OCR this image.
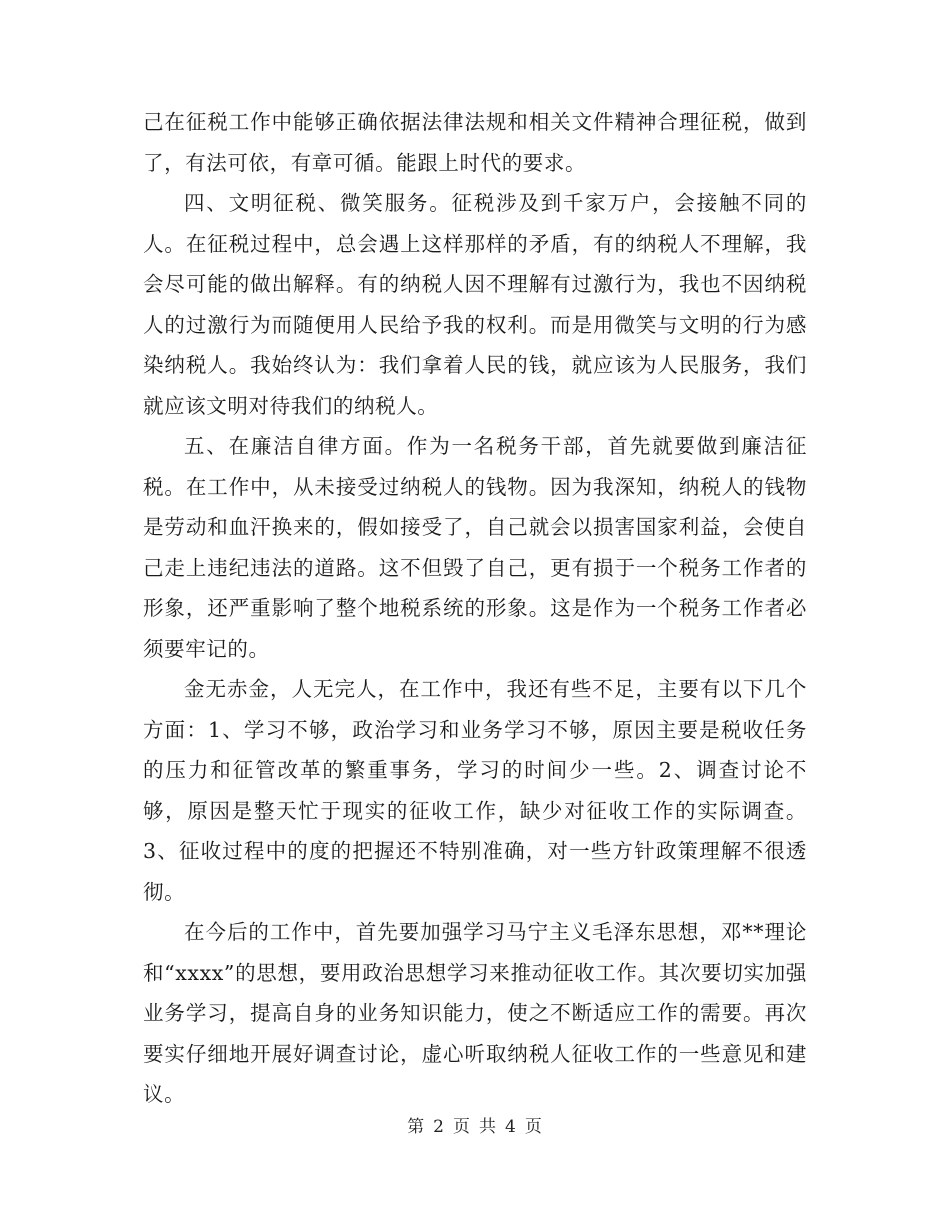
己在征税工作中能够正确依据法律法规和相关文件精神合理征税，做到了，有法可依，有章可循。能跟上时代的要求。

四、文明征税、微笑服务。征税涉及到千家万户，会接触不同的人。在征税过程中，总会遇上这样那样的矛盾，有的纳税人不理解，我会尽可能的做出解释。有的纳税人因不理解有过激行为，我也不因纳税人的过激行为而随便用人民给予我的权利。而是用微笑与文明的行为感染纳税人。我始终认为：我们拿着人民的钱，就应该为人民服务，我们就应该文明对待我们的纳税人。

五、在廉洁自律方面。作为一名税务干部，首先就要做到廉洁征税。在工作中，从未接受过纳税人的钱物。因为我深知，纳税人的钱物是劳动和血汗换来的，假如接受了，自己就会以损害国家利益，会使自己走上违纪违法的道路。这不但毁了自己，更有损于一个税务工作者的形象，还严重影响了整个地税系统的形象。这是作为一个税务工作者必须要牢记的。

金无赤金，人无完人，在工作中，我还有些不足，主要有以下几个方面：1、学习不够，政治学习和业务学习不够，原因主要是税收任务的压力和征管改革的繁重事务，学习的时间少一些。2、调查讨论不够，原因是整天忙于现实的征收工作，缺少对征收工作的实际调查。3、征收过程中的度的把握还不特别准确，对一些方针政策理解不很透彻。

在今后的工作中，首先要加强学习马宁主义毛泽东思想，邓**理论和“xxxx”的思想，要用政治思想学习来推动征收工作。其次要切实加强业务学习，提高自身的业务知识能力，使之不断适应工作的需要。再次要实仔细地开展好调查讨论，虚心听取纳税人征收工作的一些意见和建议。

第 2 页 共 4 页
